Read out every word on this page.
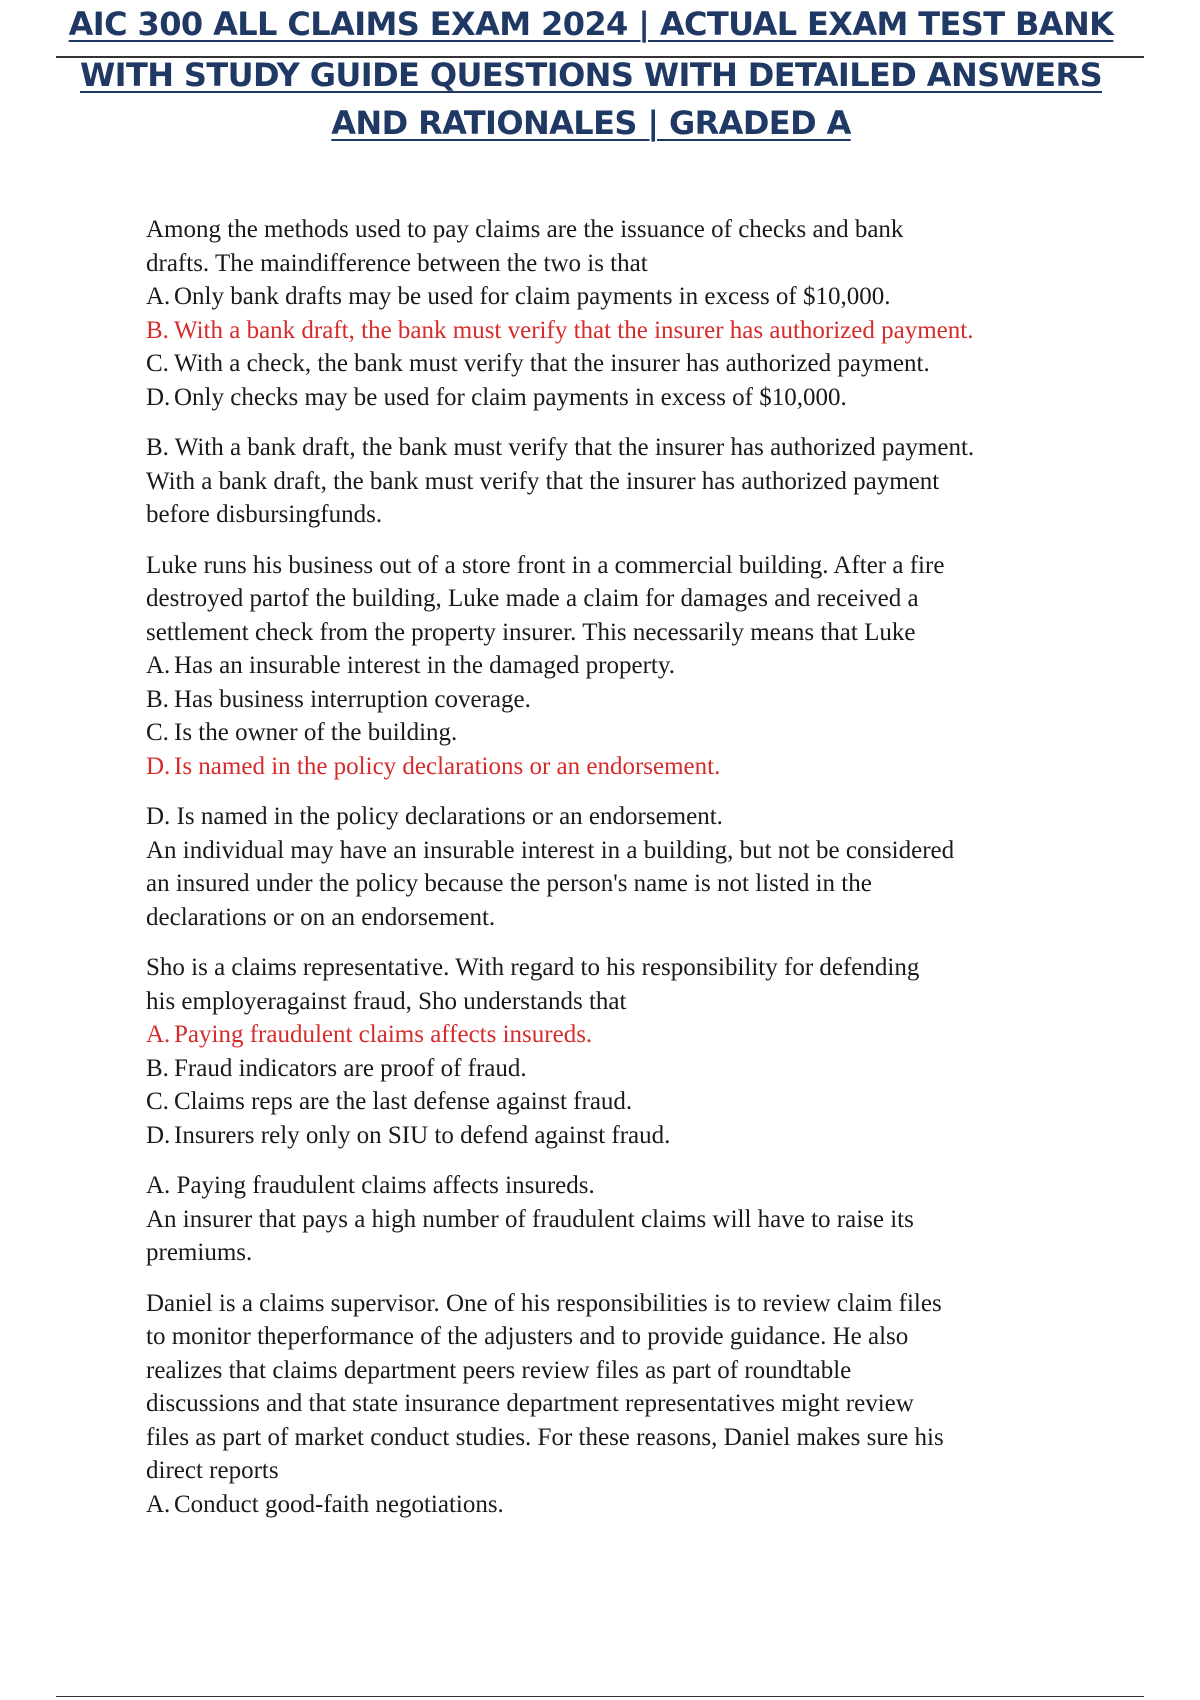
AIC 300 ALL CLAIMS EXAM 2024 | ACTUAL EXAM TEST BANK
WITH STUDY GUIDE QUESTIONS WITH DETAILED ANSWERS
AND RATIONALES | GRADED A
Among the methods used to pay claims are the issuance of checks and bank
drafts. The maindifference between the two is that
A. Only bank drafts may be used for claim payments in excess of $10,000.
B. With a bank draft, the bank must verify that the insurer has authorized payment.
C. With a check, the bank must verify that the insurer has authorized payment.
D. Only checks may be used for claim payments in excess of $10,000.
B. With a bank draft, the bank must verify that the insurer has authorized payment.
With a bank draft, the bank must verify that the insurer has authorized payment
before disbursingfunds.
Luke runs his business out of a store front in a commercial building. After a fire
destroyed partof the building, Luke made a claim for damages and received a
settlement check from the property insurer. This necessarily means that Luke
A. Has an insurable interest in the damaged property.
B. Has business interruption coverage.
C. Is the owner of the building.
D. Is named in the policy declarations or an endorsement.
D. Is named in the policy declarations or an endorsement.
An individual may have an insurable interest in a building, but not be considered
an insured under the policy because the person's name is not listed in the
declarations or on an endorsement.
Sho is a claims representative. With regard to his responsibility for defending
his employeragainst fraud, Sho understands that
A. Paying fraudulent claims affects insureds.
B. Fraud indicators are proof of fraud.
C. Claims reps are the last defense against fraud.
D. Insurers rely only on SIU to defend against fraud.
A. Paying fraudulent claims affects insureds.
An insurer that pays a high number of fraudulent claims will have to raise its
premiums.
Daniel is a claims supervisor. One of his responsibilities is to review claim files
to monitor theperformance of the adjusters and to provide guidance. He also
realizes that claims department peers review files as part of roundtable
discussions and that state insurance department representatives might review
files as part of market conduct studies. For these reasons, Daniel makes sure his
direct reports
A. Conduct good-faith negotiations.
